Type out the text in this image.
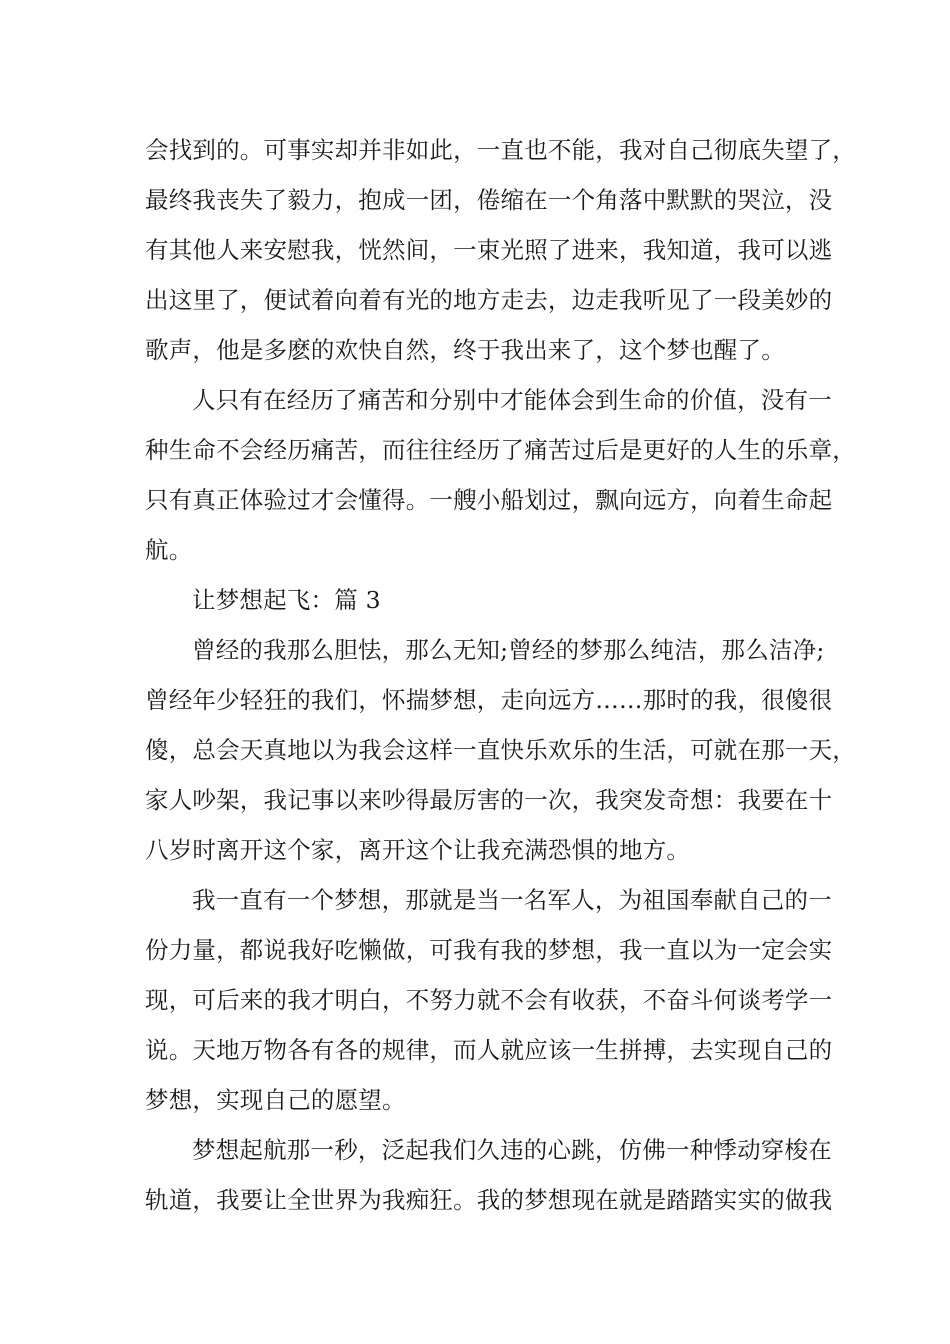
会找到的。可事实却并非如此，一直也不能，我对自己彻底失望了，
最终我丧失了毅力，抱成一团，倦缩在一个角落中默默的哭泣，没
有其他人来安慰我，恍然间，一束光照了进来，我知道，我可以逃
出这里了，便试着向着有光的地方走去，边走我听见了一段美妙的
歌声，他是多麽的欢快自然，终于我出来了，这个梦也醒了。
人只有在经历了痛苦和分别中才能体会到生命的价值，没有一
种生命不会经历痛苦，而往往经历了痛苦过后是更好的人生的乐章，
只有真正体验过才会懂得。一艘小船划过，飘向远方，向着生命起
航。
让梦想起飞：篇 3
曾经的我那么胆怯，那么无知;曾经的梦那么纯洁，那么洁净;
曾经年少轻狂的我们，怀揣梦想，走向远方……那时的我，很傻很
傻，总会天真地以为我会这样一直快乐欢乐的生活，可就在那一天，
家人吵架，我记事以来吵得最厉害的一次，我突发奇想：我要在十
八岁时离开这个家，离开这个让我充满恐惧的地方。
我一直有一个梦想，那就是当一名军人，为祖国奉献自己的一
份力量，都说我好吃懒做，可我有我的梦想，我一直以为一定会实
现，可后来的我才明白，不努力就不会有收获，不奋斗何谈考学一
说。天地万物各有各的规律，而人就应该一生拼搏，去实现自己的
梦想，实现自己的愿望。
梦想起航那一秒，泛起我们久违的心跳，仿佛一种悸动穿梭在
轨道，我要让全世界为我痴狂。我的梦想现在就是踏踏实实的做我
